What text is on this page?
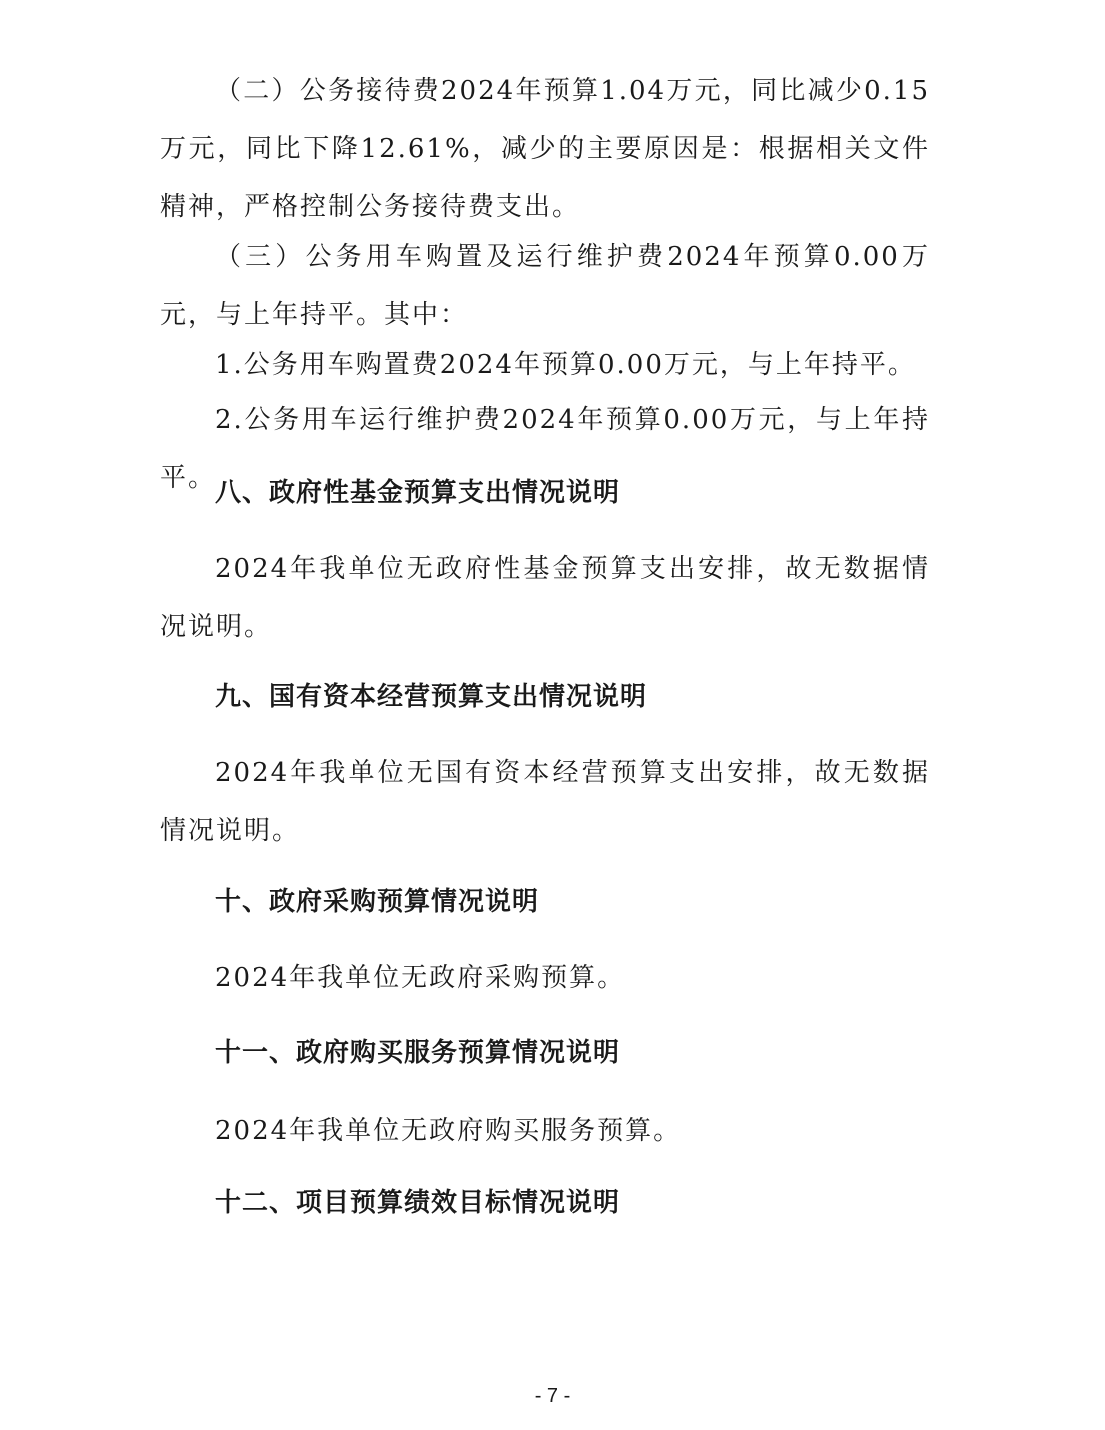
（二）公务接待费2024年预算1.04万元，同比减少0.15万元，同比下降12.61%，减少的主要原因是：根据相关文件精神，严格控制公务接待费支出。

（三）公务用车购置及运行维护费2024年预算0.00万元，与上年持平。其中：

1.公务用车购置费2024年预算0.00万元，与上年持平。

2.公务用车运行维护费2024年预算0.00万元，与上年持平。

八、政府性基金预算支出情况说明

2024年我单位无政府性基金预算支出安排，故无数据情况说明。

九、国有资本经营预算支出情况说明

2024年我单位无国有资本经营预算支出安排，故无数据情况说明。

十、政府采购预算情况说明

2024年我单位无政府采购预算。

十一、政府购买服务预算情况说明

2024年我单位无政府购买服务预算。

十二、项目预算绩效目标情况说明
- 7 -
